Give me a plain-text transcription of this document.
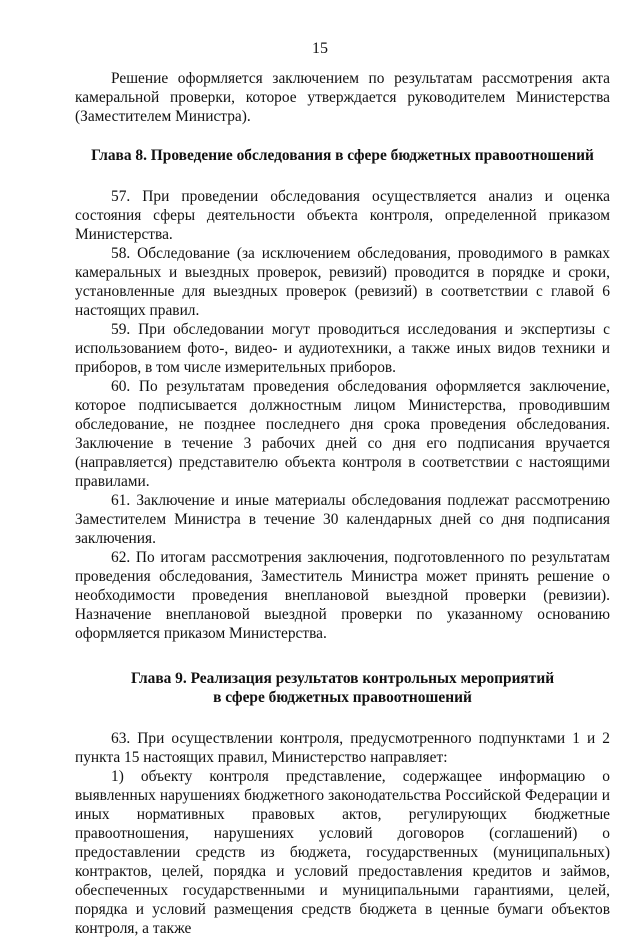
15

Решение оформляется заключением по результатам рассмотрения акта камеральной проверки, которое утверждается руководителем Министерства (Заместителем Министра).

Глава 8. Проведение обследования в сфере бюджетных правоотношений

57. При проведении обследования осуществляется анализ и оценка состояния сферы деятельности объекта контроля, определенной приказом Министерства.

58. Обследование (за исключением обследования, проводимого в рамках камеральных и выездных проверок, ревизий) проводится в порядке и сроки, установленные для выездных проверок (ревизий) в соответствии с главой 6 настоящих правил.

59. При обследовании могут проводиться исследования и экспертизы с использованием фото-, видео- и аудиотехники, а также иных видов техники и приборов, в том числе измерительных приборов.

60. По результатам проведения обследования оформляется заключение, которое подписывается должностным лицом Министерства, проводившим обследование, не позднее последнего дня срока проведения обследования. Заключение в течение 3 рабочих дней со дня его подписания вручается (направляется) представителю объекта контроля в соответствии с настоящими правилами.

61. Заключение и иные материалы обследования подлежат рассмотрению Заместителем Министра в течение 30 календарных дней со дня подписания заключения.

62. По итогам рассмотрения заключения, подготовленного по результатам проведения обследования, Заместитель Министра может принять решение о необходимости проведения внеплановой выездной проверки (ревизии). Назначение внеплановой выездной проверки по указанному основанию оформляется приказом Министерства.

Глава 9. Реализация результатов контрольных мероприятий

в сфере бюджетных правоотношений

63. При осуществлении контроля, предусмотренного подпунктами 1 и 2 пункта 15 настоящих правил, Министерство направляет:

1) объекту контроля представление, содержащее информацию о выявленных нарушениях бюджетного законодательства Российской Федерации и иных нормативных правовых актов, регулирующих бюджетные правоотношения, нарушениях условий договоров (соглашений) о предоставлении средств из бюджета, государственных (муниципальных) контрактов, целей, порядка и условий предоставления кредитов и займов, обеспеченных государственными и муниципальными гарантиями, целей, порядка и условий размещения средств бюджета в ценные бумаги объектов контроля, а также
